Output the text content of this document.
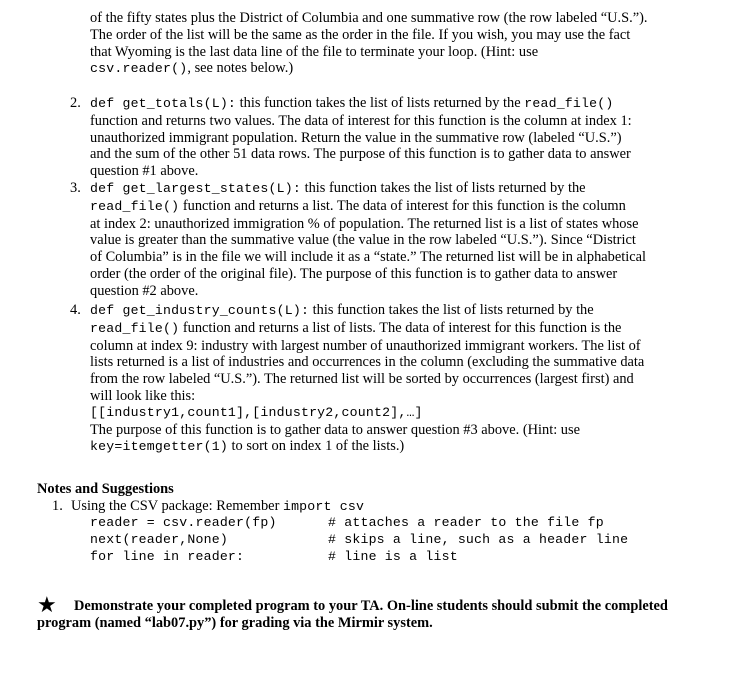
of the fifty states plus the District of Columbia and one summative row (the row labeled “U.S.”).
The order of the list will be the same as the order in the file. If you wish, you may use the fact
that Wyoming is the last data line of the file to terminate your loop. (Hint: use
csv.reader(), see notes below.)
2. def get_totals(L): this function takes the list of lists returned by the read_file()
function and returns two values. The data of interest for this function is the column at index 1:
unauthorized immigrant population. Return the value in the summative row (labeled “U.S.”)
and the sum of the other 51 data rows. The purpose of this function is to gather data to answer
question #1 above.
3. def get_largest_states(L): this function takes the list of lists returned by the
read_file() function and returns a list. The data of interest for this function is the column
at index 2: unauthorized immigration % of population. The returned list is a list of states whose
value is greater than the summative value (the value in the row labeled “U.S.”). Since “District
of Columbia” is in the file we will include it as a “state.” The returned list will be in alphabetical
order (the order of the original file). The purpose of this function is to gather data to answer
question #2 above.
4. def get_industry_counts(L): this function takes the list of lists returned by the
read_file() function and returns a list of lists. The data of interest for this function is the
column at index 9: industry with largest number of unauthorized immigrant workers. The list of
lists returned is a list of industries and occurrences in the column (excluding the summative data
from the row labeled “U.S.”). The returned list will be sorted by occurrences (largest first) and
will look like this:
[[industry1,count1],[industry2,count2],…]
The purpose of this function is to gather data to answer question #3 above. (Hint: use
key=itemgetter(1) to sort on index 1 of the lists.)
Notes and Suggestions
1. Using the CSV package: Remember import csv

reader = csv.reader(fp)

	# attaches a reader to the file fp

next(reader,None)

	# skips a line, such as a header line

for line in reader:

	# line is a list

★	Demonstrate your completed program to your TA. On-line students should submit the completed program (named “lab07.py”) for grading via the Mirmir system.
